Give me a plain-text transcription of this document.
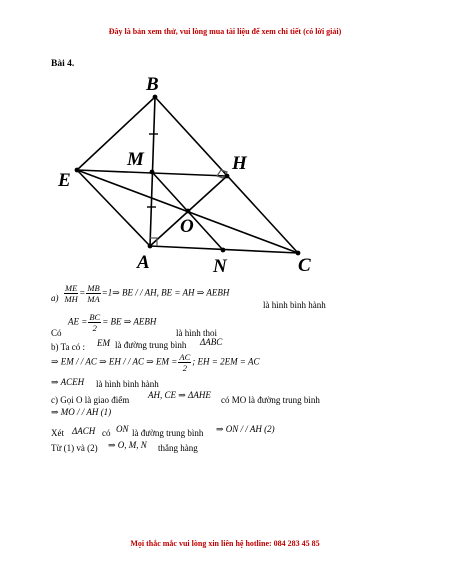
Đây là bản xem thử, vui lòng mua tài liệu để xem chi tiết (có lời giải)
Bài 4.
B
M	H
E
O
A	N	C
$a) \frac{ME}{MH} = \frac{MB}{MA}$ =1⇒ BE / / AH, BE = AH ⇒ AEBH
là hình bình hành
Có
AE = $\frac{BC}{2}$ = BE ⇒ AEBH
là hình thoi
b) Ta có : EM là đường trung bình ΔABC
⇒ EM / / AC ⇒ EH / / AC ⇒ EM = $\frac{AC}{2}$ ; EH = 2EM = AC
⇒ ACEH là hình bình hành
c) Gọi O là giao điểm AH, CE ⇒ ΔAHE có MO là đường trung bình
⇒ MO / / AH (1)
Xét ΔACH có ON là đường trung bình ⇒ ON / / AH (2)
Từ (1) và (2) ⇒ O, M, N thẳng hàng
Mọi thắc mắc vui lòng xin liên hệ hotline: 084 283 45 85
